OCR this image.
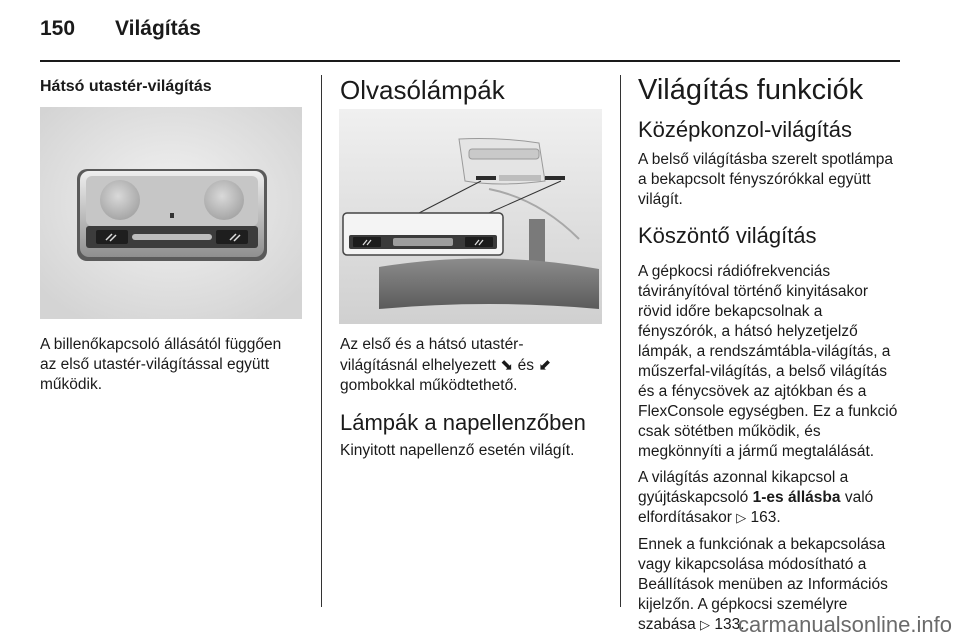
150 Világítás
Hátsó utastér-világítás

A billenőkapcsoló állásától függően

az első utastér-világítással együtt

működik.

Olvasólámpák

Az első és a hátsó utastér-

világításnál elhelyezett ⬊ és ⬋

gombokkal működtethető.

Lámpák a napellenzőben

Kinyitott napellenző esetén világít.

Világítás funkciók
Középkonzol-világítás

A belső világításba szerelt spotlámpa

a bekapcsolt fényszórókkal együtt

világít.

Köszöntő világítás

A gépkocsi rádiófrekvenciás

távirányítóval történő kinyitásakor

rövid időre bekapcsolnak a

fényszórók, a hátsó helyzetjelző

lámpák, a rendszámtábla-világítás, a

műszerfal-világítás, a belső világítás

és a fénycsövek az ajtókban és a

FlexConsole egységben. Ez a funkció

csak sötétben működik, és

megkönnyíti a jármű megtalálását.

A világítás azonnal kikapcsol a

gyújtáskapcsoló 1-es állásba való

elfordításakor ▷ 163.

Ennek a funkciónak a bekapcsolása

vagy kikapcsolása módosítható a

Beállítások menüben az Információs

kijelzőn. A gépkocsi személyre

szabása ▷ 133.

carmanualsonline.info
